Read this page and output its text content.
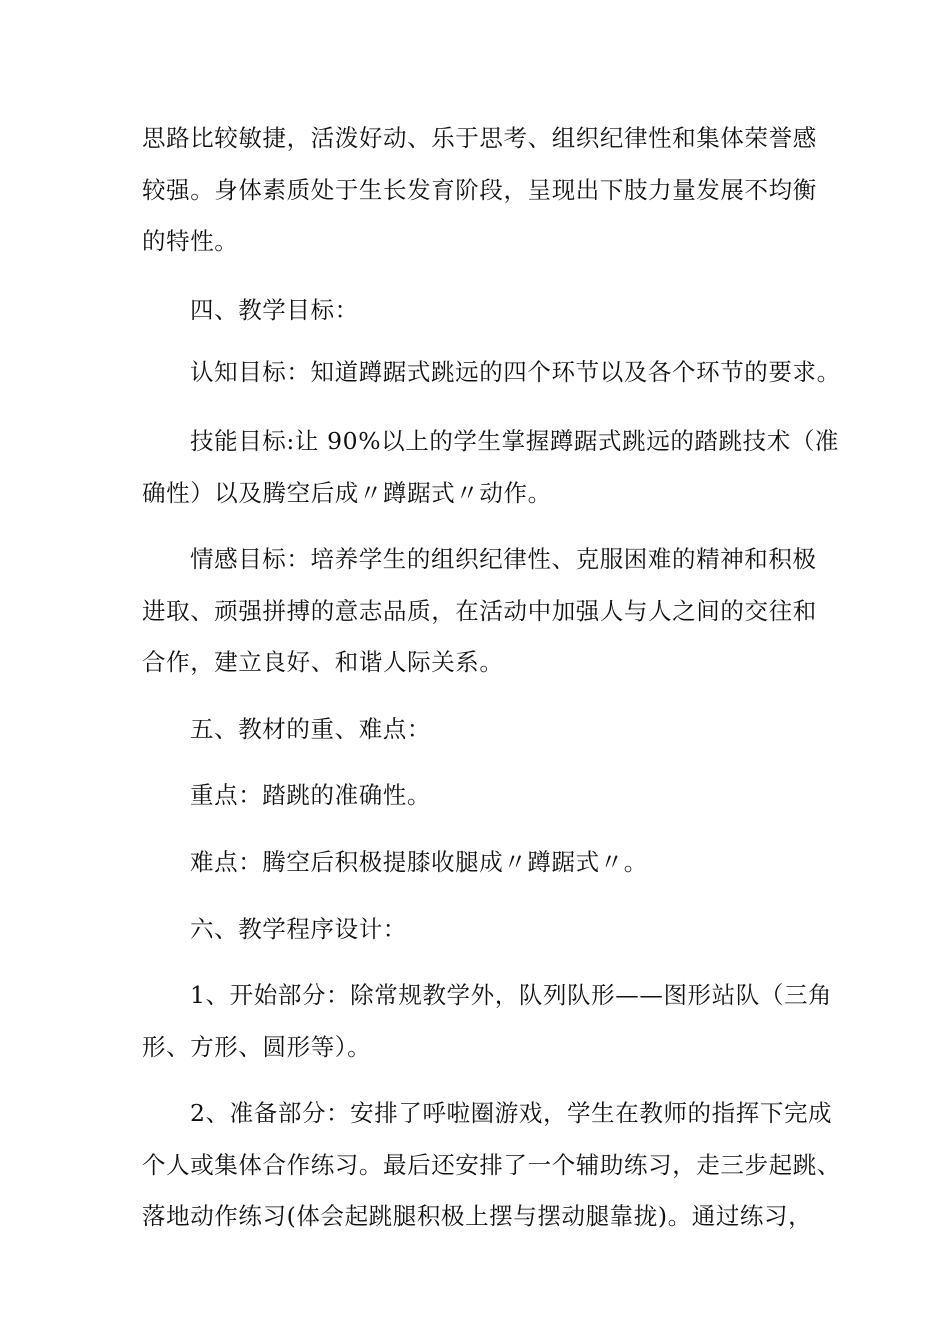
思路比较敏捷，活泼好动、乐于思考、组织纪律性和集体荣誉感
较强。身体素质处于生长发育阶段，呈现出下肢力量发展不均衡
的特性。
四、教学目标：
认知目标：知道蹲踞式跳远的四个环节以及各个环节的要求。
技能目标:让 90%以上的学生掌握蹲踞式跳远的踏跳技术（准
确性）以及腾空后成〃蹲踞式〃动作。
情感目标：培养学生的组织纪律性、克服困难的精神和积极
进取、顽强拼搏的意志品质，在活动中加强人与人之间的交往和
合作，建立良好、和谐人际关系。
五、教材的重、难点：
重点：踏跳的准确性。
难点：腾空后积极提膝收腿成〃蹲踞式〃。
六、教学程序设计：
1、开始部分：除常规教学外，队列队形——图形站队（三角
形、方形、圆形等）。
2、准备部分：安排了呼啦圈游戏，学生在教师的指挥下完成
个人或集体合作练习。最后还安排了一个辅助练习，走三步起跳、
落地动作练习(体会起跳腿积极上摆与摆动腿靠拢)。通过练习，
